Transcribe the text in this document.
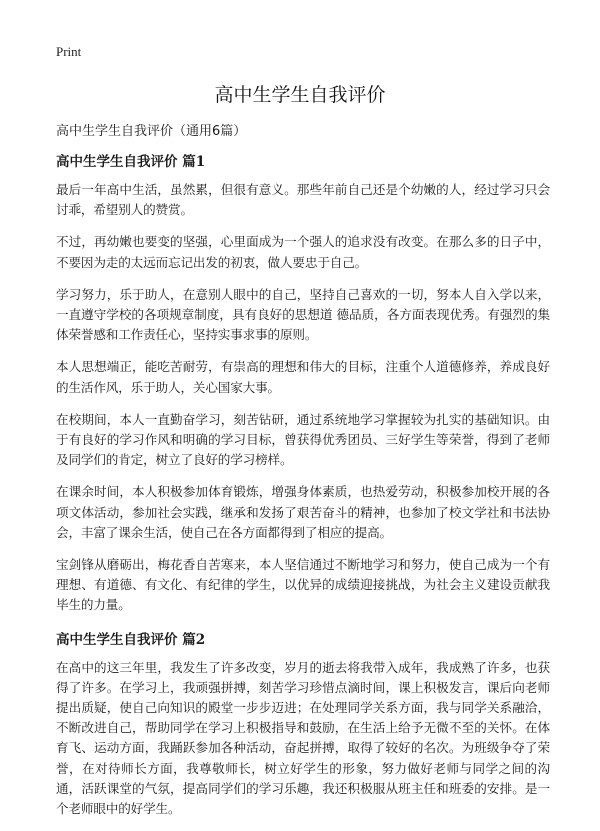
Print
高中生学生自我评价

高中生学生自我评价（通用6篇）

高中生学生自我评价 篇1

最后一年高中生活，虽然累，但很有意义。那些年前自己还是个幼嫩的人，经过学习只会讨乖，希望别人的赞赏。

不过，再幼嫩也要变的坚强，心里面成为一个强人的追求没有改变。在那么多的日子中，不要因为走的太远而忘记出发的初衷，做人要忠于自己。

学习努力，乐于助人，在意别人眼中的自己，坚持自己喜欢的一切，努本人自入学以来，一直遵守学校的各项规章制度，具有良好的思想道 德品质，各方面表现优秀。有强烈的集体荣誉感和工作责任心，坚持实事求事的原则。

本人思想端正，能吃苦耐劳，有崇高的理想和伟大的目标，注重个人道德修养，养成良好的生活作风，乐于助人，关心国家大事。

在校期间，本人一直勤奋学习，刻苦钻研，通过系统地学习掌握较为扎实的基础知识。由于有良好的学习作风和明确的学习目标，曾获得优秀团员、三好学生等荣誉，得到了老师及同学们的肯定，树立了良好的学习榜样。

在课余时间，本人积极参加体育锻炼，增强身体素质，也热爱劳动，积极参加校开展的各项文体活动，参加社会实践，继承和发扬了艰苦奋斗的精神，也参加了校文学社和书法协会，丰富了课余生活，使自己在各方面都得到了相应的提高。

宝剑锋从磨砺出，梅花香自苦寒来，本人坚信通过不断地学习和努力，使自己成为一个有理想、有道德、有文化、有纪律的学生，以优异的成绩迎接挑战，为社会主义建设贡献我毕生的力量。

高中生学生自我评价 篇2

在高中的这三年里，我发生了许多改变，岁月的逝去将我带入成年，我成熟了许多，也获得了许多。在学习上，我顽强拼搏，刻苦学习珍惜点滴时间，课上积极发言，课后向老师提出质疑，使自己向知识的殿堂一步步迈进；在处理同学关系方面，我与同学关系融洽，不断改进自己，帮助同学在学习上积极指导和鼓励，在生活上给予无微不至的关怀。在体育飞、运动方面，我踊跃参加各种活动，奋起拼搏，取得了较好的名次。为班级争夺了荣誉，在对待师长方面，我尊敬师长，树立好学生的形象，努力做好老师与同学之间的沟通，活跃课堂的气氛，提高同学们的学习乐趣，我还积极服从班主任和班委的安排。是一个老师眼中的好学生。
